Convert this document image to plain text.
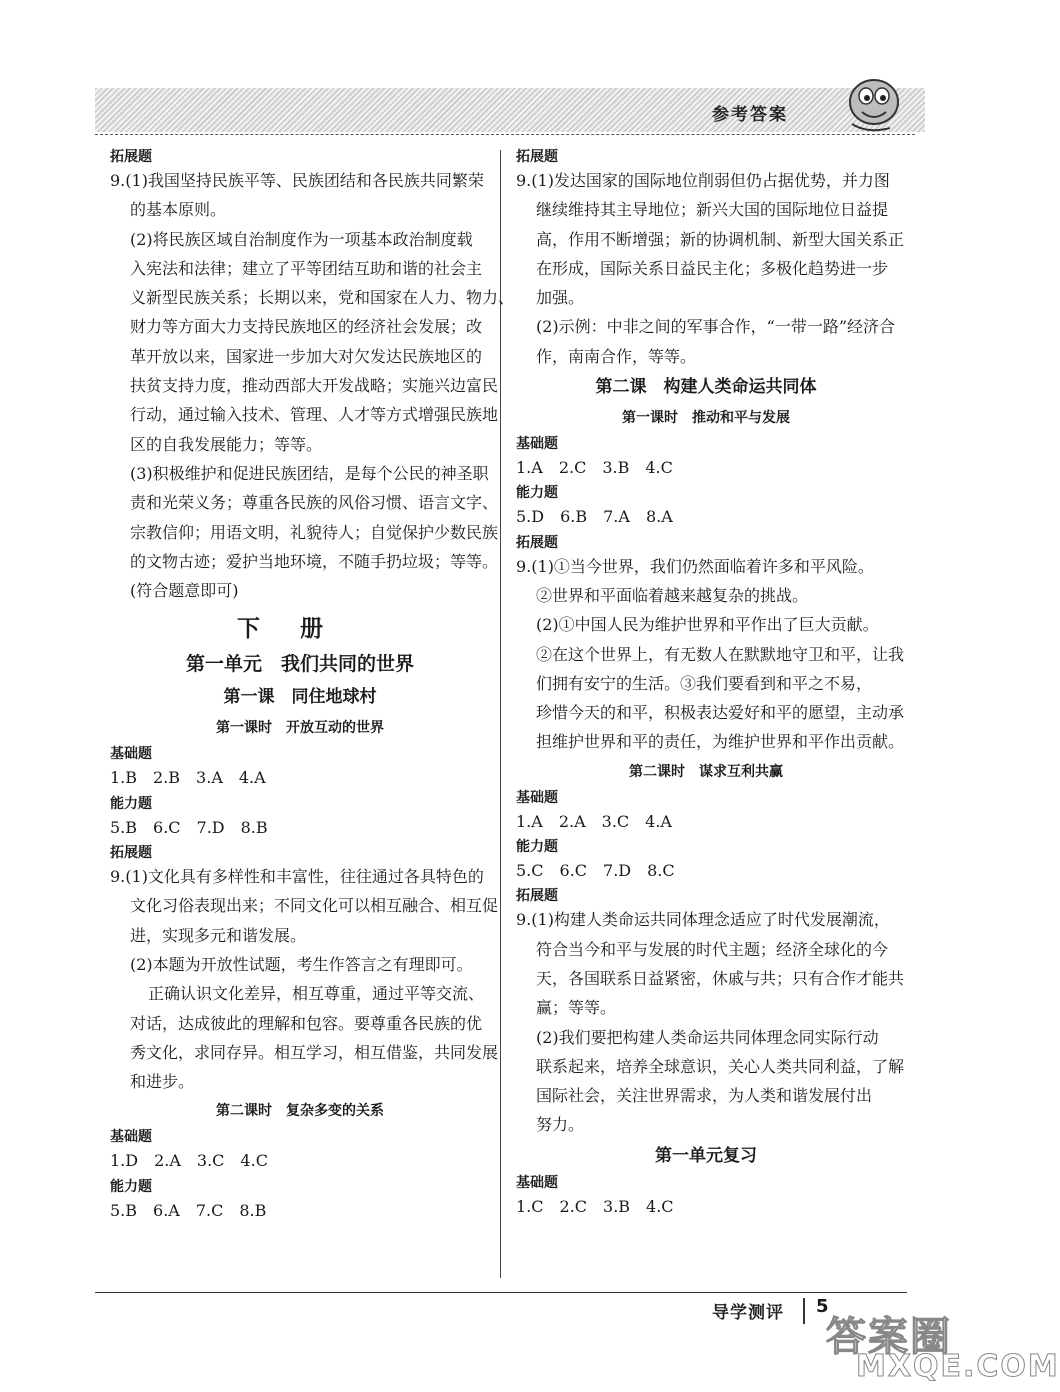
参考答案
拓展题
9.(1)我国坚持民族平等、民族团结和各民族共同繁荣
的基本原则。
(2)将民族区域自治制度作为一项基本政治制度载
入宪法和法律；建立了平等团结互助和谐的社会主
义新型民族关系；长期以来，党和国家在人力、物力、
财力等方面大力支持民族地区的经济社会发展；改
革开放以来，国家进一步加大对欠发达民族地区的
扶贫支持力度，推动西部大开发战略；实施兴边富民
行动，通过输入技术、管理、人才等方式增强民族地
区的自我发展能力；等等。
(3)积极维护和促进民族团结，是每个公民的神圣职
责和光荣义务；尊重各民族的风俗习惯、语言文字、
宗教信仰；用语文明，礼貌待人；自觉保护少数民族
的文物古迹；爱护当地环境，不随手扔垃圾；等等。
(符合题意即可)
下册
第一单元　我们共同的世界
第一课　同住地球村
第一课时　开放互动的世界
基础题
1.B　2.B　3.A　4.A
能力题
5.B　6.C　7.D　8.B
拓展题
9.(1)文化具有多样性和丰富性，往往通过各具特色的
文化习俗表现出来；不同文化可以相互融合、相互促
进，实现多元和谐发展。
(2)本题为开放性试题，考生作答言之有理即可。
正确认识文化差异，相互尊重，通过平等交流、
对话，达成彼此的理解和包容。要尊重各民族的优
秀文化，求同存异。相互学习，相互借鉴，共同发展
和进步。
第二课时　复杂多变的关系
基础题
1.D　2.A　3.C　4.C
能力题
5.B　6.A　7.C　8.B
拓展题
9.(1)发达国家的国际地位削弱但仍占据优势，并力图
继续维持其主导地位；新兴大国的国际地位日益提
高，作用不断增强；新的协调机制、新型大国关系正
在形成，国际关系日益民主化；多极化趋势进一步
加强。
(2)示例：中非之间的军事合作，“一带一路”经济合
作，南南合作，等等。
第二课　构建人类命运共同体
第一课时　推动和平与发展
基础题
1.A　2.C　3.B　4.C
能力题
5.D　6.B　7.A　8.A
拓展题
9.(1)①当今世界，我们仍然面临着许多和平风险。
②世界和平面临着越来越复杂的挑战。
(2)①中国人民为维护世界和平作出了巨大贡献。
②在这个世界上，有无数人在默默地守卫和平，让我
们拥有安宁的生活。③我们要看到和平之不易，
珍惜今天的和平，积极表达爱好和平的愿望，主动承
担维护世界和平的责任，为维护世界和平作出贡献。
第二课时　谋求互利共赢
基础题
1.A　2.A　3.C　4.A
能力题
5.C　6.C　7.D　8.C
拓展题
9.(1)构建人类命运共同体理念适应了时代发展潮流，
符合当今和平与发展的时代主题；经济全球化的今
天，各国联系日益紧密，休戚与共；只有合作才能共
赢；等等。
(2)我们要把构建人类命运共同体理念同实际行动
联系起来，培养全球意识，关心人类共同利益，了解
国际社会，关注世界需求，为人类和谐发展付出
努力。
第一单元复习
基础题
1.C　2.C　3.B　4.C
导学测评 5
答案圈
MXQE.COM
